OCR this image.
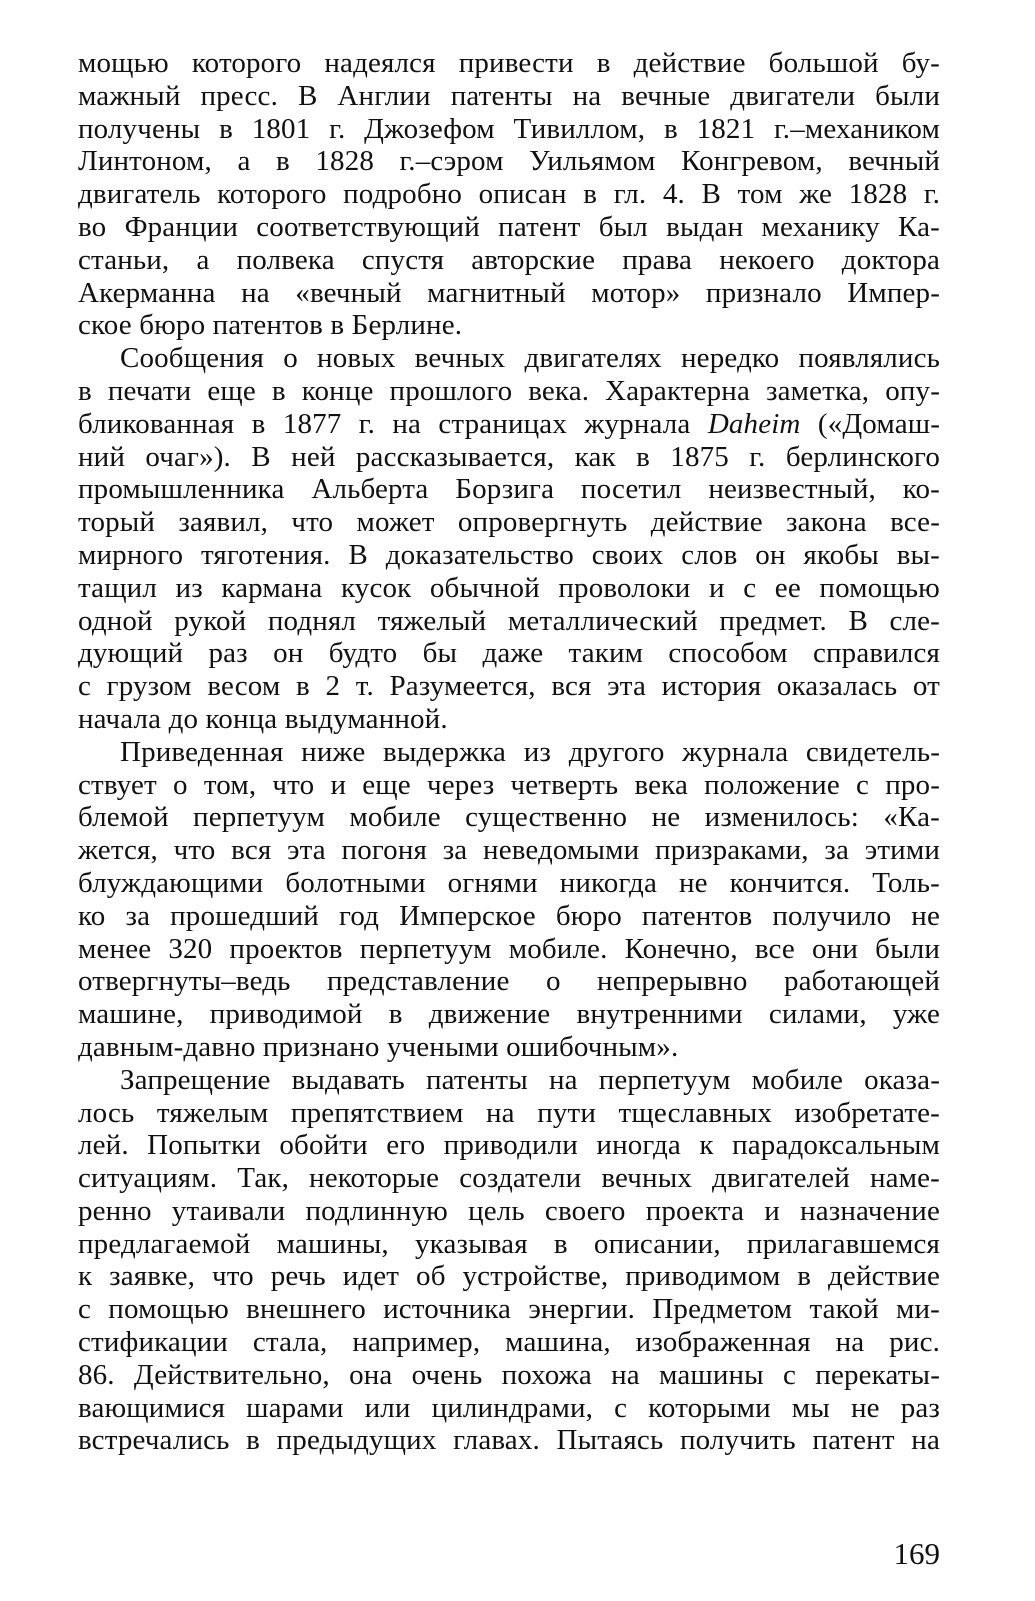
мощью которого надеялся привести в действие большой бу-
мажный пресс. В Англии патенты на вечные двигатели были
получены в 1801 г. Джозефом Тивиллом, в 1821 г.–механиком
Линтоном, а в 1828 г.–сэром Уильямом Конгревом, вечный
двигатель которого подробно описан в гл. 4. В том же 1828 г.
во Франции соответствующий патент был выдан механику Ка-
станьи, а полвека спустя авторские права некоего доктора
Акерманна на «вечный магнитный мотор» признало Импер-
ское бюро патентов в Берлине.

Сообщения о новых вечных двигателях нередко появлялись
в печати еще в конце прошлого века. Характерна заметка, опу-
бликованная в 1877 г. на страницах журнала Daheim («Домаш-
ний очаг»). В ней рассказывается, как в 1875 г. берлинского
промышленника Альберта Борзига посетил неизвестный, ко-
торый заявил, что может опровергнуть действие закона все-
мирного тяготения. В доказательство своих слов он якобы вы-
тащил из кармана кусок обычной проволоки и с ее помощью
одной рукой поднял тяжелый металлический предмет. В сле-
дующий раз он будто бы даже таким способом справился
с грузом весом в 2 т. Разумеется, вся эта история оказалась от
начала до конца выдуманной.

Приведенная ниже выдержка из другого журнала свидетель-
ствует о том, что и еще через четверть века положение с про-
блемой перпетуум мобиле существенно не изменилось: «Ка-
жется, что вся эта погоня за неведомыми призраками, за этими
блуждающими болотными огнями никогда не кончится. Толь-
ко за прошедший год Имперское бюро патентов получило не
менее 320 проектов перпетуум мобиле. Конечно, все они были
отвергнуты–ведь представление о непрерывно работающей
машине, приводимой в движение внутренними силами, уже
давным-давно признано учеными ошибочным».

Запрещение выдавать патенты на перпетуум мобиле оказа-
лось тяжелым препятствием на пути тщеславных изобретате-
лей. Попытки обойти его приводили иногда к парадоксальным
ситуациям. Так, некоторые создатели вечных двигателей наме-
ренно утаивали подлинную цель своего проекта и назначение
предлагаемой машины, указывая в описании, прилагавшемся
к заявке, что речь идет об устройстве, приводимом в действие
с помощью внешнего источника энергии. Предметом такой ми-
стификации стала, например, машина, изображенная на рис.
86. Действительно, она очень похожа на машины с перекаты-
вающимися шарами или цилиндрами, с которыми мы не раз
встречались в предыдущих главах. Пытаясь получить патент на

169
